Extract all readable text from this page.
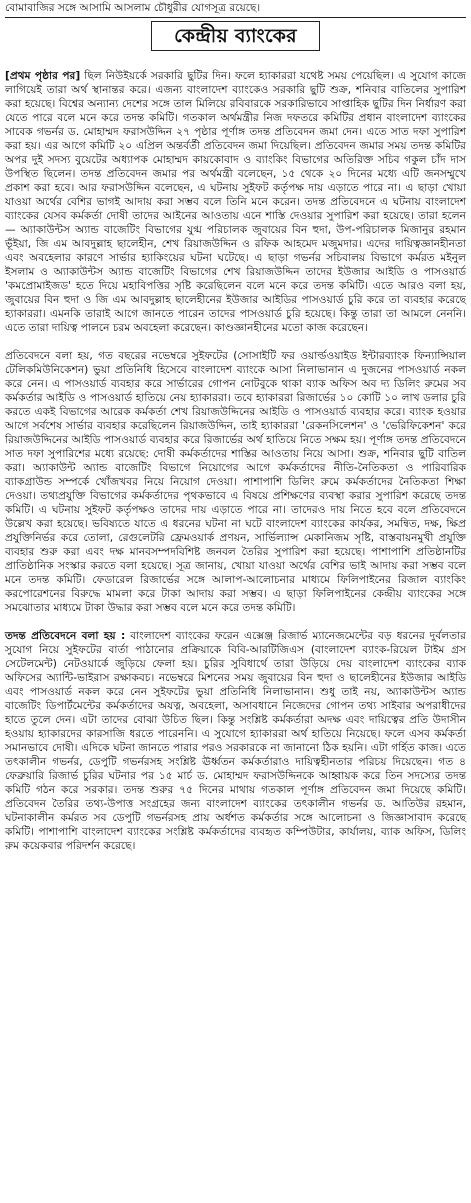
বোমাবাজির সঙ্গে আসামি আসলাম চৌধুরীর যোগসূত্র রয়েছে।

কেন্দ্রীয় ব্যাংকের

[প্রথম পৃষ্ঠার পর] ছিল নিউইয়র্কে সরকারি ছুটির দিন। ফলে হ্যাকাররা যথেষ্ট সময় পেয়েছিল। এ সুযোগ কাজে লাগিয়েই তারা অর্থ স্থানান্তর করে। এজন্য বাংলাদেশ ব্যাংকেও সরকারি ছুটি শুক্র, শনিবার বাতিলের সুপারিশ করা হয়েছে। বিশ্বের অন্যান্য দেশের সঙ্গে তাল মিলিয়ে রবিবারকে সরকারিভাবে সাপ্তাহিক ছুটির দিন নির্ধারণ করা যেতে পারে বলে মনে করে তদন্ত কমিটি। গতকাল অর্থমন্ত্রীর নিজ দফতরে কমিটির প্রধান বাংলাদেশ ব্যাংকের সাবেক গভর্নর ড. মোহাম্মদ ফরাসউদ্দিন ২৭ পৃষ্ঠার পূর্ণাঙ্গ তদন্ত প্রতিবেদন জমা দেন। এতে সাত দফা সুপারিশ করা হয়। এর আগে কমিটি ২০ এপ্রিল অন্তর্বর্তী প্রতিবেদন জমা দিয়েছিল। প্রতিবেদন জমার সময় তদন্ত কমিটির অপর দুই সদস্য বুয়েটের অধ্যাপক মোহাম্মদ কায়কোবাদ ও ব্যাংকিং বিভাগের অতিরিক্ত সচিব গকুল চাঁদ দাস উপস্থিত ছিলেন। তদন্ত প্রতিবেদন জমার পর অর্থমন্ত্রী বলেছেন, ১৫ থেকে ২০ দিনের মধ্যে এটি জনসম্মুখে প্রকাশ করা হবে। আর ফরাসউদ্দিন বলেছেন, এ ঘটনায় সুইফট কর্তৃপক্ষ দায় এড়াতে পারে না। এ ছাড়া খোয়া যাওয়া অর্থের বেশির ভাগই আদায় করা সম্ভব বলে তিনি মনে করেন। তদন্ত প্রতিবেদনে এ ঘটনায় বাংলাদেশ ব্যাংকের যেসব কর্মকর্তা দোষী তাদের আইনের আওতায় এনে শাস্তি দেওয়ার সুপারিশ করা হয়েছে। তারা হলেন— অ্যাকাউন্টস অ্যান্ড বাজেটিং বিভাগের যুগ্ম পরিচালক জুবায়ের বিন হুদা, উপ-পরিচালক মিজানুর রহমান ভূঁইয়া, জি এম আবদুল্লাহ ছালেহীন, শেখ রিয়াজউদ্দিন ও রফিক আহমেদ মজুমদার। এদের দায়িত্বজ্ঞানহীনতা এবং অবহেলার কারণে সার্ভার হ্যাকিংয়ের ঘটনা ঘটেছে। এ ছাড়া গভর্নর সচিবালয় বিভাগে কর্মরত মইনুল ইসলাম ও অ্যাকাউন্টস অ্যান্ড বাজেটিং বিভাগের শেখ রিয়াজউদ্দিন তাদের ইউজার আইডি ও পাসওয়ার্ড 'কমপ্রোমাইজড' হতে দিয়ে মহাবিপত্তির সৃষ্টি করেছিলেন বলে মনে করে তদন্ত কমিটি। এতে আরও বলা হয়, জুবায়ের বিন হুদা ও জি এম আবদুল্লাহ ছালেহীনের ইউজার আইডির পাসওয়ার্ড চুরি করে তা ব্যবহার করেছে হ্যাকাররা। এমনকি তারাই আগে জানতে পারেন তাদের পাসওয়ার্ড চুরি হয়েছে। কিন্তু তারা তা আমলে নেননি। এতে তারা দায়িত্ব পালনে চরম অবহেলা করেছেন। কাণ্ডজ্ঞানহীনের মতো কাজ করেছেন।

প্রতিবেদনে বলা হয়, গত বছরের নভেম্বরে সুইফটের (সোসাইটি ফর ওয়ার্ল্ডওয়াইড ইন্টারব্যাংক ফিন্যান্সিয়াল টেলিকমিউনিকেশন) ভুয়া প্রতিনিধি হিসেবে বাংলাদেশ ব্যাংকে আসা নিলাভানান এ দুজনের পাসওয়ার্ড নকল করে নেন। এ পাসওয়ার্ড ব্যবহার করে সার্ভারের গোপন নোটবুকে থাকা ব্যাক অফিস অব দ্য ডিলিং রুমের সব কর্মকর্তার আইডি ও পাসওয়ার্ড হাতিয়ে নেয় হ্যাকাররা। তবে হ্যাকাররা রিজার্ভের ১০ কোটি ১০ লাখ ডলার চুরি করতে একই বিভাগের আরেক কর্মকর্তা শেখ রিয়াজউদ্দিনের আইডি ও পাসওয়ার্ড ব্যবহার করে। ব্যাংক হওয়ার আগে সর্বশেষ সার্ভার ব্যবহার করেছিলেন রিয়াজউদ্দিন, তাই হ্যাকাররা 'রেকনসিলেশন' ও 'ভেরিফিকেশন' করে রিয়াজউদ্দিনের আইডি পাসওয়ার্ড ব্যবহার করে রিজার্ভের অর্থ হাতিয়ে নিতে সক্ষম হয়। পূর্ণাঙ্গ তদন্ত প্রতিবেদনে সাত দফা সুপারিশের মধ্যে রয়েছে: দোষী কর্মকর্তাদের শাস্তির আওতায় নিয়ে আসা। শুক্র, শনিবার ছুটি বাতিল করা। অ্যাকাউন্ট অ্যান্ড বাজেটিং বিভাগে নিয়োগের আগে কর্মকর্তাদের নীতি-নৈতিকতা ও পারিবারিক ব্যাকগ্রাউন্ড সম্পর্কে খোঁজখবর নিয়ে নিয়োগ দেওয়া। পাশাপাশি ডিলিং রুমে কর্মকর্তাদের নৈতিকতা শিক্ষা দেওয়া। তথ্যপ্রযুক্তি বিভাগের কর্মকর্তাদের পৃথকভাবে এ বিষয়ে প্রশিক্ষণের ব্যবস্থা করার সুপারিশ করেছে তদন্ত কমিটি। এ ঘটনায় সুইফট কর্তৃপক্ষও তাদের দায় এড়াতে পারে না। তাদেরও দায় নিতে হবে বলে প্রতিবেদনে উল্লেখ করা হয়েছে। ভবিষ্যতে যাতে এ ধরনের ঘটনা না ঘটে বাংলাদেশ ব্যাংকের কার্যকর, সমন্বিত, দক্ষ, ক্ষিপ্র প্রযুক্তিনির্ভর করে তোলা, রেগুলেটরি ফ্রেমওয়ার্ক প্রণয়ন, সার্ভিল্যান্স মেকানিজম সৃষ্টি, বাস্তবায়নমুখী প্রযুক্তি ব্যবহার শুরু করা এবং দক্ষ মানবসম্পদবিশিষ্ট জনবল তৈরির সুপারিশ করা হয়েছে। পাশাপাশি প্রতিষ্ঠানটির প্রাতিষ্ঠানিক সংস্কার করতে বলা হয়েছে। সূত্র জানায়, খোয়া যাওয়া অর্থের বেশির ভাই আদায় করা সম্ভব বলে মনে তদন্ত কমিটি। ফেডারেল রিজার্ভের সঙ্গে আলাপ-আলোচনার মাধ্যমে ফিলিপাইনের রিজাল ব্যাংকিং করপোরেশনের বিরুদ্ধে মামলা করে টাকা আদায় করা সম্ভব। এ ছাড়া ফিলিপাইনের কেন্দ্রীয় ব্যাংকের সঙ্গে সমঝোতার মাধ্যমে টাকা উদ্ধার করা সম্ভব বলে মনে করে তদন্ত কমিটি।

তদন্ত প্রতিবেদনে বলা হয় : বাংলাদেশ ব্যাংকের ফরেন এক্সেঞ্জ রিজার্ভ ম্যানেজমেন্টের বড় ধরনের দুর্বলতার সুযোগ নিয়ে সুইফটের বার্তা পাঠানোর প্রক্রিয়াকে বিবি-আরটিজিএস (বাংলাদেশ ব্যাংক-রিয়েল টাইম গ্রস সেটেলমেন্ট) নেটওয়ার্কে জুড়িয়ে ফেলা হয়। চুরির সুবিধার্থে তারা উড়িয়ে দেয় বাংলাদেশ ব্যাংকের ব্যাক অফিসের অ্যান্টি-ভাইরাস রক্ষাকবচ। নভেম্বরে মিশনের সময় জুবায়ের বিন হুদা ও ছালেহীনের ইউজার আইডি এবং পাসওয়ার্ড নকল করে নেন সুইফটের ভুয়া প্রতিনিধি নিলাভানান। শুধু তাই নয়, অ্যাকাউন্টস অ্যান্ড বাজেটিং ডিপার্টমেন্টের কর্মকর্তাদের অযত্ন, অবহেলা, অসাবধানে নিজেদের গোপন তথ্য সাইবার অপরাধীদের হাতে তুলে দেন। এটা তাদের বোঝা উচিত ছিল। কিন্তু সংশ্লিষ্ট কর্মকর্তারা অদক্ষ এবং দায়িত্বের প্রতি উদাসীন হওয়ায় হ্যাকারদের কারসাজি ধরতে পারেননি। এ সুযোগে হ্যাকাররা অর্থ হাতিয়ে নিয়েছে। ফলে এসব কর্মকর্তা সমানভাবে দোষী। এদিকে ঘটনা জানতে পারার পরও সরকারকে না জানানো ঠিক হয়নি। এটা গর্হিত কাজ। এতে তৎকালীন গভর্নর, ডেপুটি গভর্নরসহ সংশ্লিষ্ট ঊর্ধ্বতন কর্মকর্তারাও দায়িত্বহীনতার পরিচয় দিয়েছেন। গত ৪ ফেব্রুয়ারি রিজার্ভ চুরির ঘটনার পর ১৫ মার্চ ড. মোহাম্মদ ফরাসউদ্দিনকে আহ্বায়ক করে তিন সদস্যের তদন্ত কমিটি গঠন করে সরকার। তদন্ত শুরুর ৭৫ দিনের মাথায় গতকাল পূর্ণাঙ্গ প্রতিবেদন জমা দিয়েছে কমিটি। প্রতিবেদন তৈরির তথ্য-উপাত্ত সংগ্রহের জন্য বাংলাদেশ ব্যাংকের তৎকালীন গভর্নর ড. আতিউর রহমান, ঘটনাকালীন কর্মরত সব ডেপুটি গভর্নরসহ প্রায় অর্ধশত কর্মকর্তার সঙ্গে আলোচনা ও জিজ্ঞাসাবাদ করেছে কমিটি। পাশাপাশি বাংলাদেশ ব্যাংকের সংশ্লিষ্ট কর্মকর্তাদের ব্যবহৃত কম্পিউটার, কার্যালয়, ব্যাক অফিস, ডিলিং রুম কয়েকবার পরিদর্শন করেছে।
